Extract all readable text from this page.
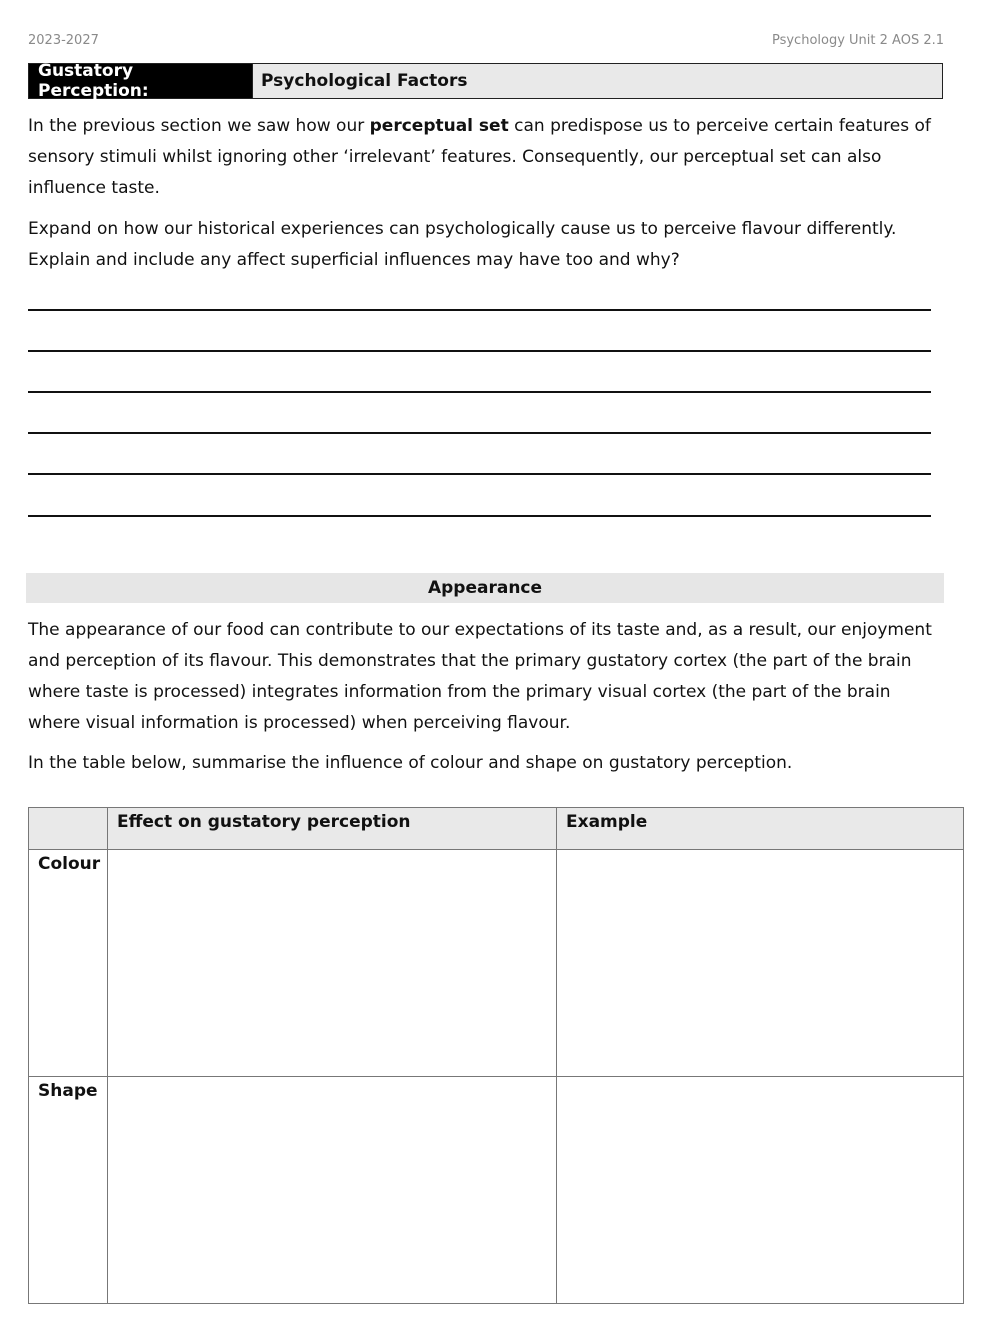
2023-2027	Psychology Unit 2 AOS 2.1
Gustatory Perception:	Psychological Factors

In the previous section we saw how our perceptual set can predispose us to perceive certain features of sensory stimuli whilst ignoring other ‘irrelevant’ features. Consequently, our perceptual set can also influence taste.

Expand on how our historical experiences can psychologically cause us to perceive flavour differently. Explain and include any affect superficial influences may have too and why?

Appearance

The appearance of our food can contribute to our expectations of its taste and, as a result, our enjoyment and perception of its flavour. This demonstrates that the primary gustatory cortex (the part of the brain where taste is processed) integrates information from the primary visual cortex (the part of the brain where visual information is processed) when perceiving flavour.

In the table below, summarise the influence of colour and shape on gustatory perception.

	Effect on gustatory perception	Example
Colour		
Shape		
